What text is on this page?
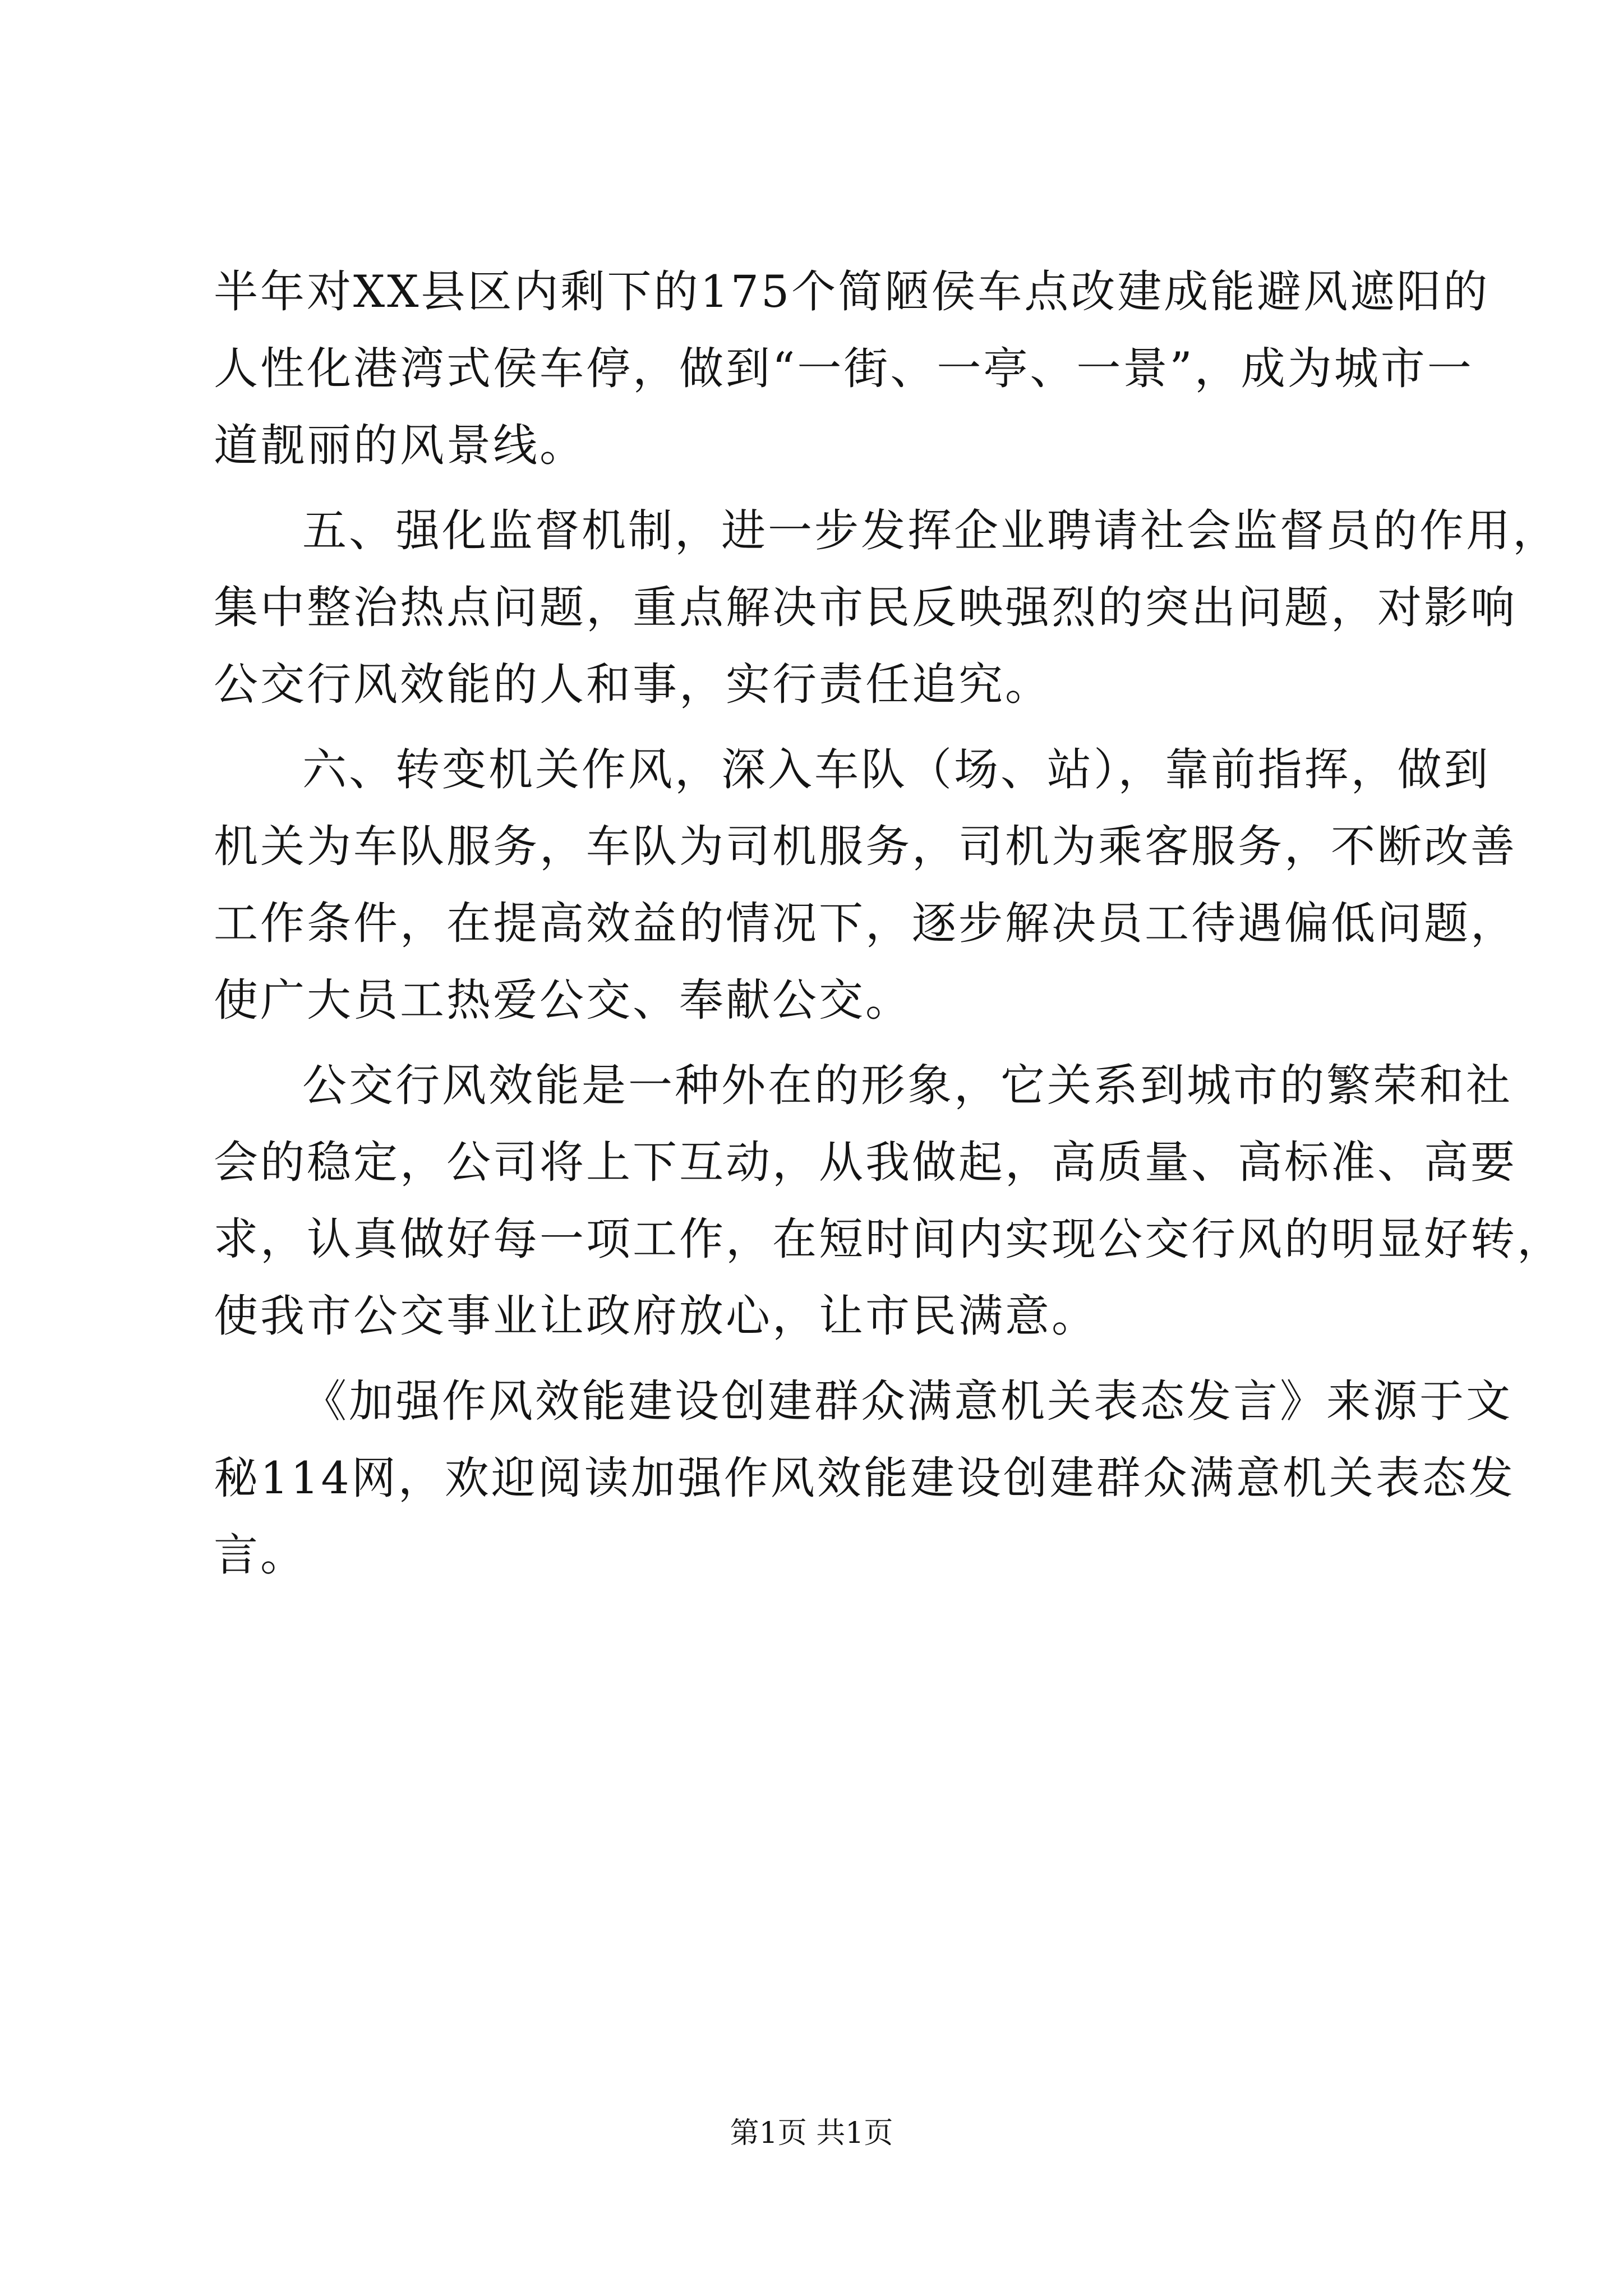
半年对XX县区内剩下的175个简陋侯车点改建成能避风遮阳的
人性化港湾式侯车停，做到“一街、一亭、一景”，成为城市一
道靓丽的风景线。
五、强化监督机制，进一步发挥企业聘请社会监督员的作用，
集中整治热点问题，重点解决市民反映强烈的突出问题，对影响
公交行风效能的人和事，实行责任追究。
六、转变机关作风，深入车队（场、站），靠前指挥，做到
机关为车队服务，车队为司机服务，司机为乘客服务，不断改善
工作条件，在提高效益的情况下，逐步解决员工待遇偏低问题，
使广大员工热爱公交、奉献公交。
公交行风效能是一种外在的形象，它关系到城市的繁荣和社
会的稳定，公司将上下互动，从我做起，高质量、高标准、高要
求，认真做好每一项工作，在短时间内实现公交行风的明显好转，
使我市公交事业让政府放心，让市民满意。
《加强作风效能建设创建群众满意机关表态发言》来源于文
秘114网，欢迎阅读加强作风效能建设创建群众满意机关表态发
言。
第1页 共1页
